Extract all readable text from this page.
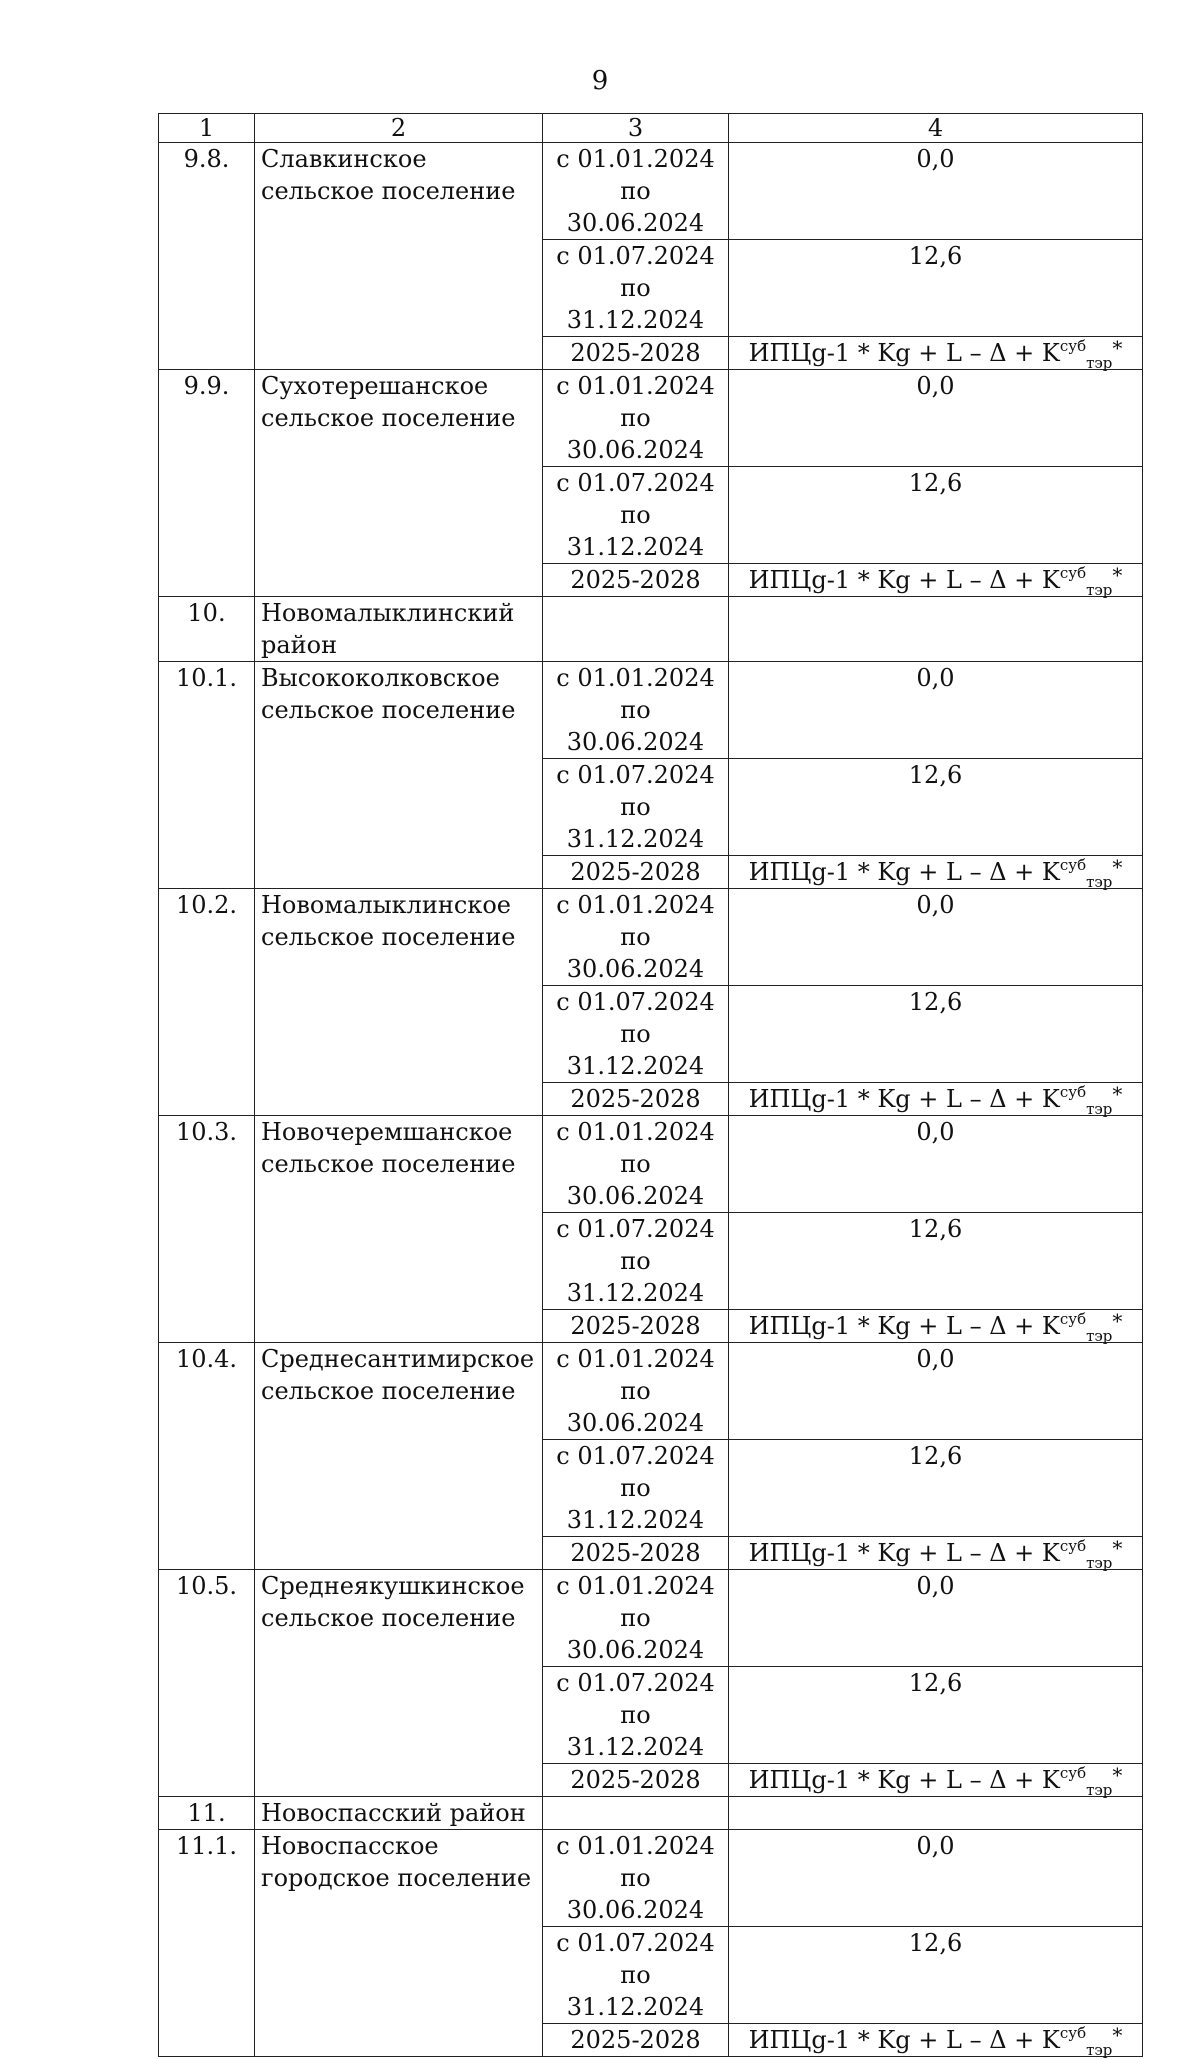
9
1	2	3	4
9.8.	Славкинское сельское поселение	с 01.01.2024 по 30.06.2024	0,0
		с 01.07.2024 по 31.12.2024	12,6
		2025-2028	ИПЦg-1 * $Kg + L - \Delta + K^{суб}_{тэр}^*$
9.9.	Сухотерешанское сельское поселение	с 01.01.2024 по 30.06.2024	0,0
		с 01.07.2024 по 31.12.2024	12,6
		2025-2028	ИПЦg-1 * $Kg + L - \Delta + K^{суб}_{тэр}^*$
10.	Новомалыклинский район		
10.1.	Высококолковское сельское поселение	с 01.01.2024 по 30.06.2024	0,0
		с 01.07.2024 по 31.12.2024	12,6
		2025-2028	ИПЦg-1 * $Kg + L - \Delta + K^{суб}_{тэр}^*$
10.2.	Новомалыклинское сельское поселение	с 01.01.2024 по 30.06.2024	0,0
		с 01.07.2024 по 31.12.2024	12,6
		2025-2028	ИПЦg-1 * $Kg + L - \Delta + K^{суб}_{тэр}^*$
10.3.	Новочеремшанское сельское поселение	с 01.01.2024 по 30.06.2024	0,0
		с 01.07.2024 по 31.12.2024	12,6
		2025-2028	ИПЦg-1 * $Kg + L - \Delta + K^{суб}_{тэр}^*$
10.4.	Среднесантимирское сельское поселение	с 01.01.2024 по 30.06.2024	0,0
		с 01.07.2024 по 31.12.2024	12,6
		2025-2028	ИПЦg-1 * $Kg + L - \Delta + K^{суб}_{тэр}^*$
10.5.	Среднеякушкинское сельское поселение	с 01.01.2024 по 30.06.2024	0,0
		с 01.07.2024 по 31.12.2024	12,6
		2025-2028	ИПЦg-1 * $Kg + L - \Delta + K^{суб}_{тэр}^*$
11.	Новоспасский район		
11.1.	Новоспасское городское поселение	с 01.01.2024 по 30.06.2024	0,0
		с 01.07.2024 по 31.12.2024	12,6
		2025-2028	ИПЦg-1 * $Kg + L - \Delta + K^{суб}_{тэр}^*$
